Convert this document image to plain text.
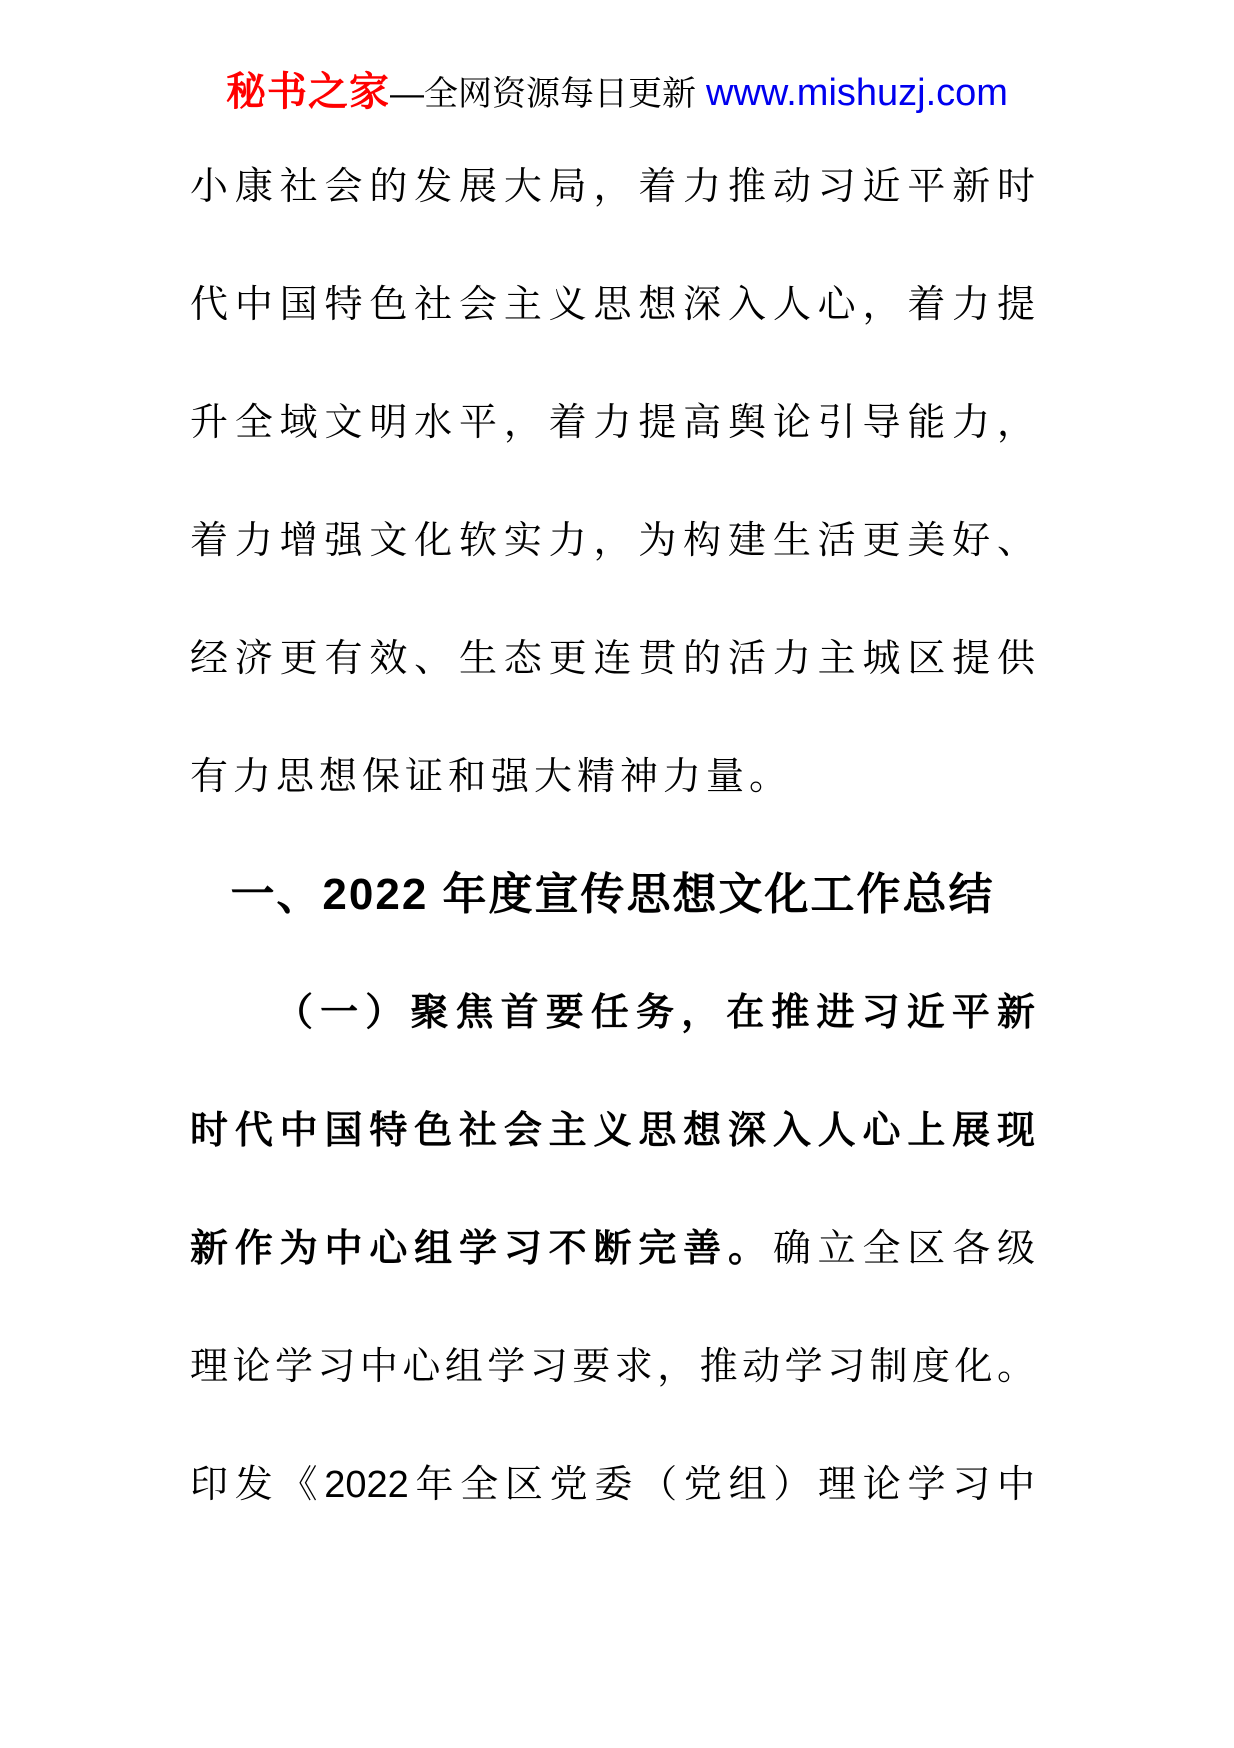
秘书之家—全网资源每日更新 www.mishuzj.com
小康社会的发展大局，着力推动习近平新时
代中国特色社会主义思想深入人心，着力提
升全域文明水平，着力提高舆论引导能力，
着力增强文化软实力，为构建生活更美好、
经济更有效、生态更连贯的活力主城区提供
有力思想保证和强大精神力量。
一、2022 年度宣传思想文化工作总结
（一）聚焦首要任务，在推进习近平新
时代中国特色社会主义思想深入人心上展现
新作为中心组学习不断完善。确立全区各级
理论学习中心组学习要求，推动学习制度化。
印发《2022年全区党委（党组）理论学习中
